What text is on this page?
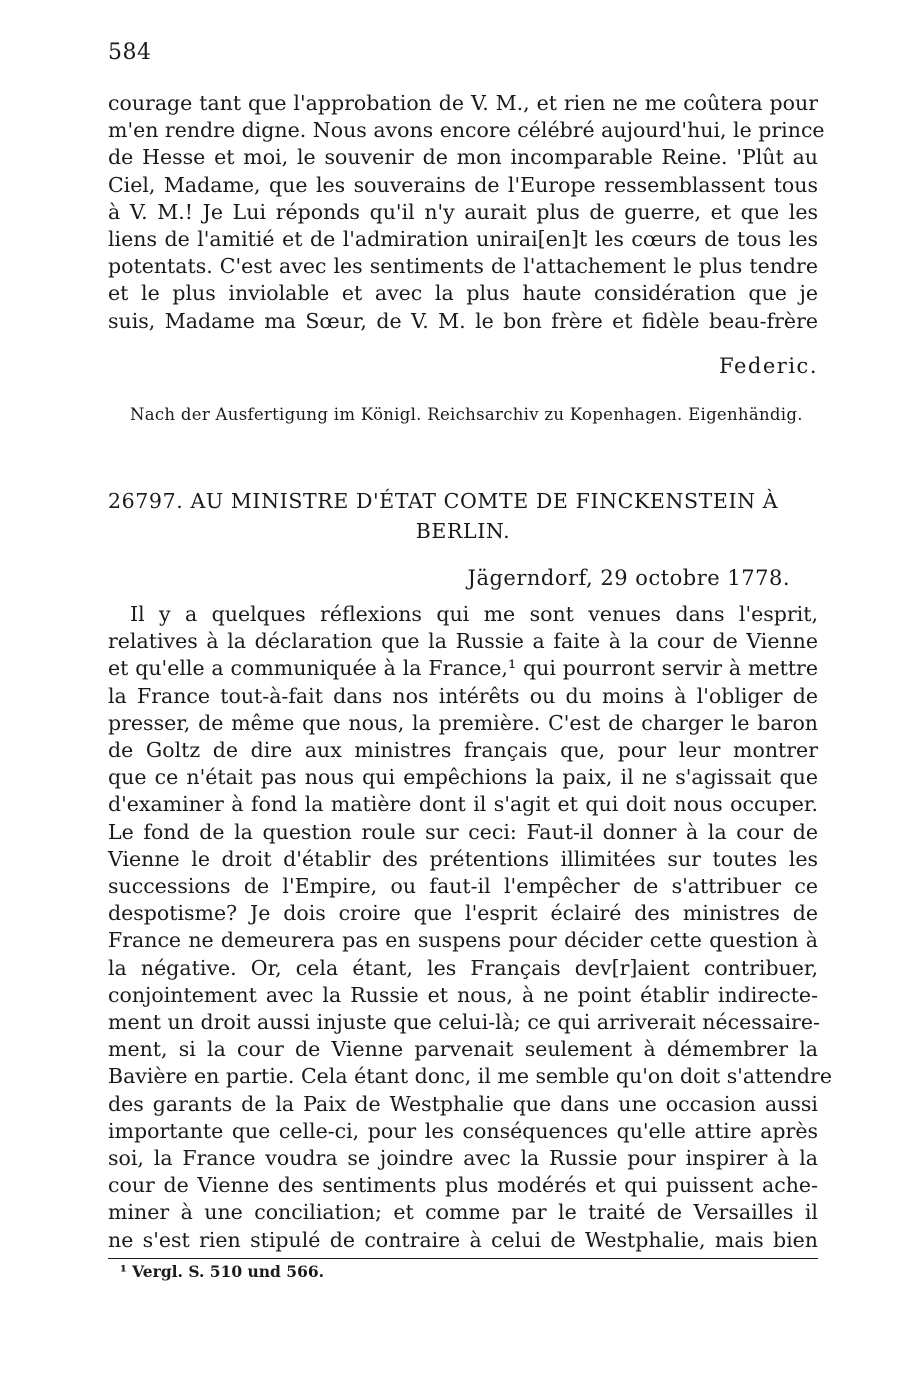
584
courage tant que l'approbation de V. M., et rien ne me coûtera pour
m'en rendre digne. Nous avons encore célébré aujourd'hui, le prince
de Hesse et moi, le souvenir de mon incomparable Reine. 'Plût au
Ciel, Madame, que les souverains de l'Europe ressemblassent tous
à V. M.! Je Lui réponds qu'il n'y aurait plus de guerre, et que les
liens de l'amitié et de l'admiration unirai[en]t les cœurs de tous les
potentats. C'est avec les sentiments de l'attachement le plus tendre
et le plus inviolable et avec la plus haute considération que je
suis, Madame ma Sœur, de V. M. le bon frère et fidèle beau-frère
Federic.
Nach der Ausfertigung im Königl. Reichsarchiv zu Kopenhagen. Eigenhändig.
26797. AU MINISTRE D'ÉTAT COMTE DE FINCKENSTEIN À
BERLIN.
Jägerndorf, 29 octobre 1778.
Il y a quelques réflexions qui me sont venues dans l'esprit,
relatives à la déclaration que la Russie a faite à la cour de Vienne
et qu'elle a communiquée à la France,¹ qui pourront servir à mettre
la France tout-à-fait dans nos intérêts ou du moins à l'obliger de
presser, de même que nous, la première. C'est de charger le baron
de Goltz de dire aux ministres français que, pour leur montrer
que ce n'était pas nous qui empêchions la paix, il ne s'agissait que
d'examiner à fond la matière dont il s'agit et qui doit nous occuper.
Le fond de la question roule sur ceci: Faut-il donner à la cour de
Vienne le droit d'établir des prétentions illimitées sur toutes les
successions de l'Empire, ou faut-il l'empêcher de s'attribuer ce
despotisme? Je dois croire que l'esprit éclairé des ministres de
France ne demeurera pas en suspens pour décider cette question à
la négative. Or, cela étant, les Français dev[r]aient contribuer,
conjointement avec la Russie et nous, à ne point établir indirecte-
ment un droit aussi injuste que celui-là; ce qui arriverait nécessaire-
ment, si la cour de Vienne parvenait seulement à démembrer la
Bavière en partie. Cela étant donc, il me semble qu'on doit s'attendre
des garants de la Paix de Westphalie que dans une occasion aussi
importante que celle-ci, pour les conséquences qu'elle attire après
soi, la France voudra se joindre avec la Russie pour inspirer à la
cour de Vienne des sentiments plus modérés et qui puissent ache-
miner à une conciliation; et comme par le traité de Versailles il
ne s'est rien stipulé de contraire à celui de Westphalie, mais bien
¹ Vergl. S. 510 und 566.
